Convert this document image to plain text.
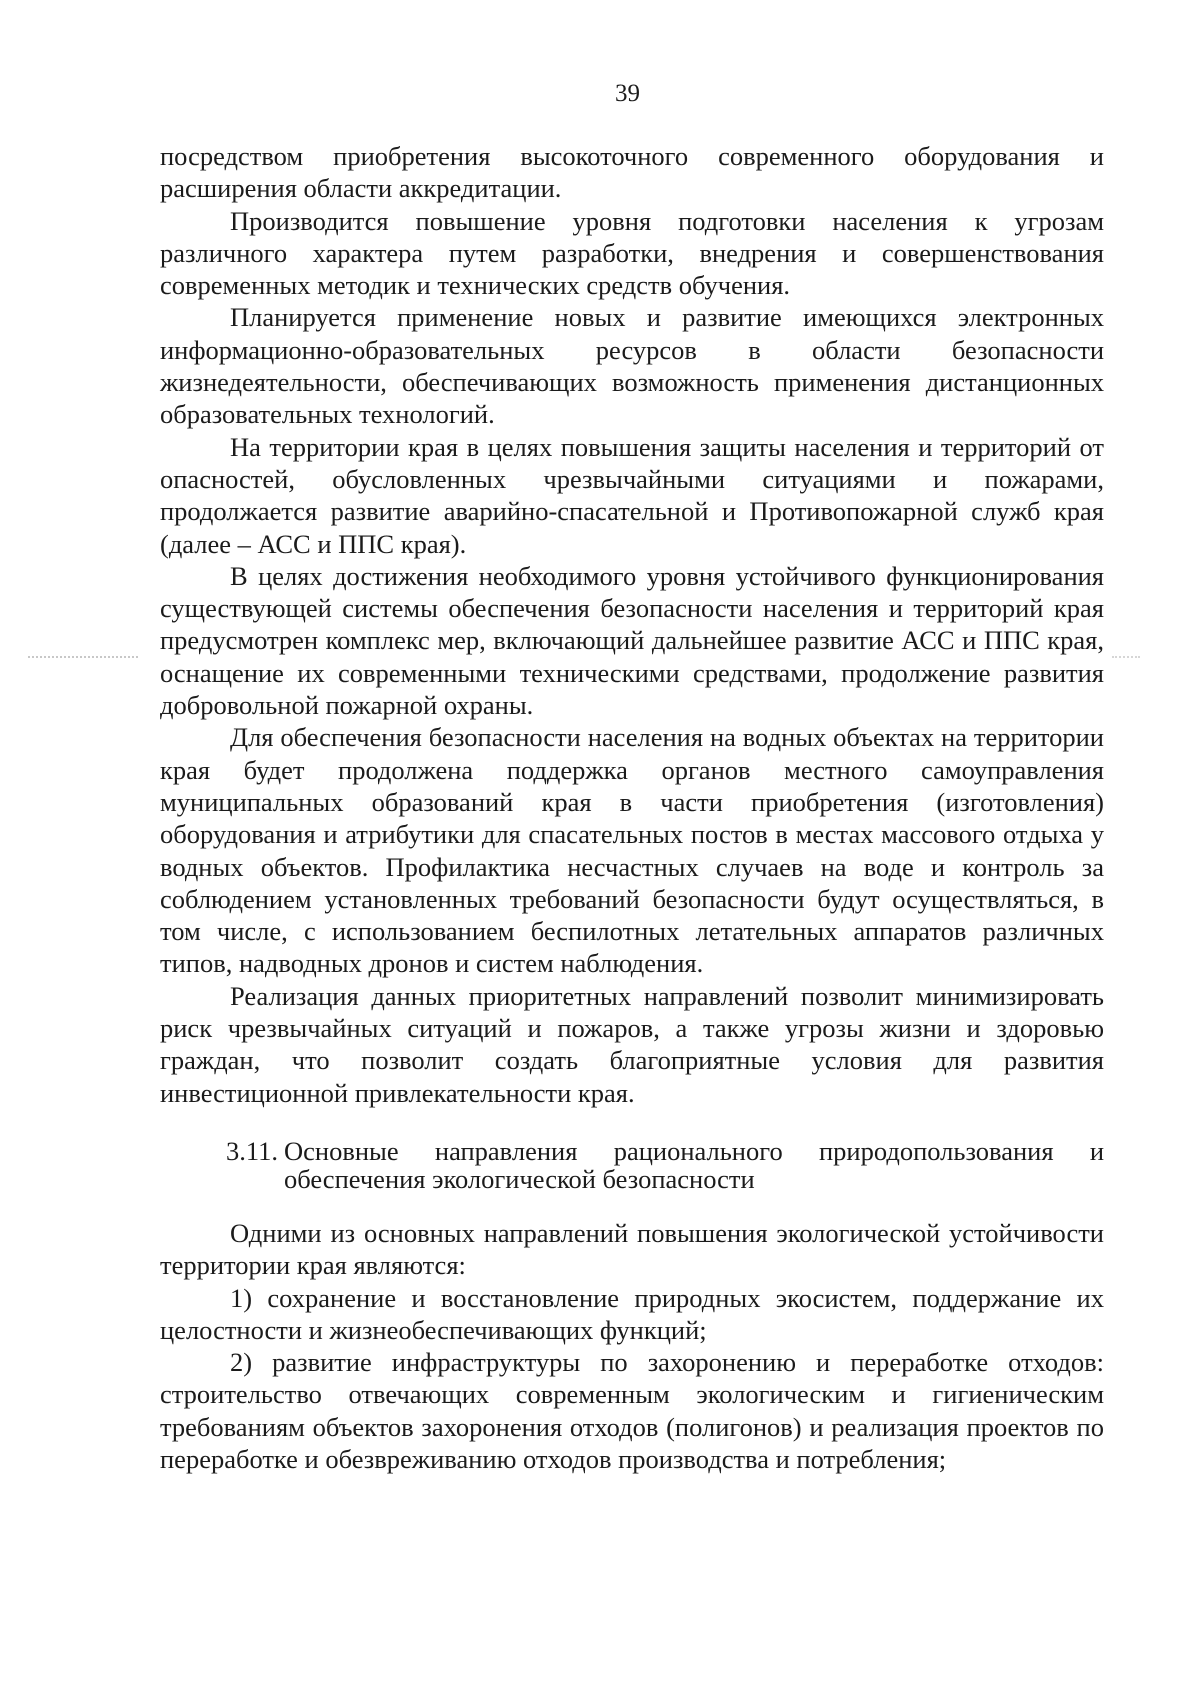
39

посредством приобретения высокоточного современного оборудования и расширения области аккредитации.

Производится повышение уровня подготовки населения к угрозам различного характера путем разработки, внедрения и совершенствования современных методик и технических средств обучения.

Планируется применение новых и развитие имеющихся электронных информационно-образовательных ресурсов в области безопасности жизнедеятельности, обеспечивающих возможность применения дистанционных образовательных технологий.

На территории края в целях повышения защиты населения и территорий от опасностей, обусловленных чрезвычайными ситуациями и пожарами, продолжается развитие аварийно-спасательной и Противопожарной служб края (далее – АСС и ППС края).

В целях достижения необходимого уровня устойчивого функционирования существующей системы обеспечения безопасности населения и территорий края предусмотрен комплекс мер, включающий дальнейшее развитие АСС и ППС края, оснащение их современными техническими средствами, продолжение развития добровольной пожарной охраны.

Для обеспечения безопасности населения на водных объектах на территории края будет продолжена поддержка органов местного самоуправления муниципальных образований края в части приобретения (изготовления) оборудования и атрибутики для спасательных постов в местах массового отдыха у водных объектов. Профилактика несчастных случаев на воде и контроль за соблюдением установленных требований безопасности будут осуществляться, в том числе, с использованием беспилотных летательных аппаратов различных типов, надводных дронов и систем наблюдения.

Реализация данных приоритетных направлений позволит минимизировать риск чрезвычайных ситуаций и пожаров, а также угрозы жизни и здоровью граждан, что позволит создать благоприятные условия для развития инвестиционной привлекательности края.

3.11. Основные направления рационального природопользования и обеспечения экологической безопасности

Одними из основных направлений повышения экологической устойчивости территории края являются:

1) сохранение и восстановление природных экосистем, поддержание их целостности и жизнеобеспечивающих функций;

2) развитие инфраструктуры по захоронению и переработке отходов: строительство отвечающих современным экологическим и гигиеническим требованиям объектов захоронения отходов (полигонов) и реализация проектов по переработке и обезвреживанию отходов производства и потребления;
